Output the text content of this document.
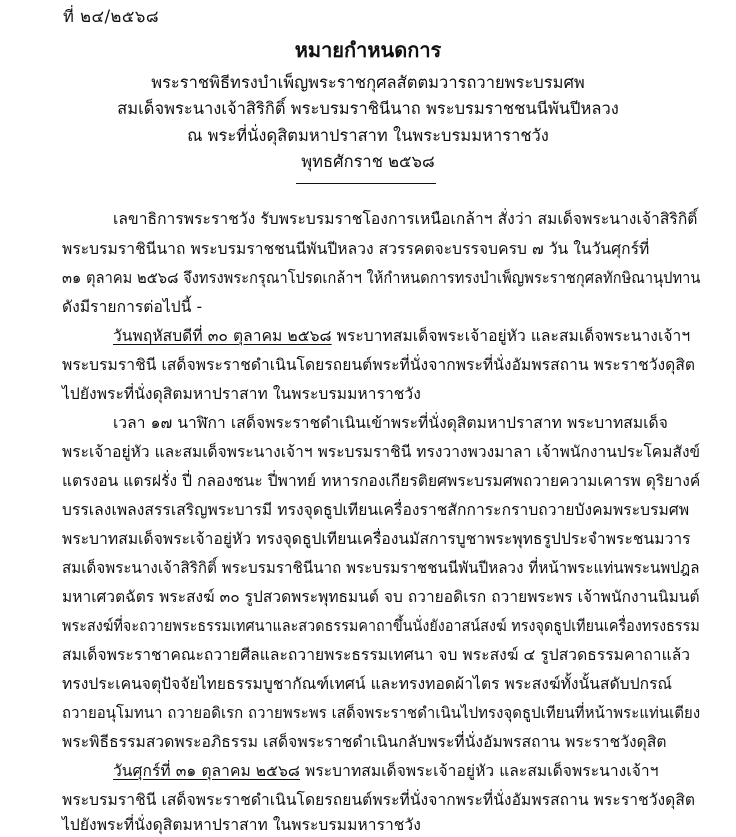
ที่ ๒๔/๒๕๖๘
หมายกำหนดการ
พระราชพิธีทรงบำเพ็ญพระราชกุศลสัตตมวารถวายพระบรมศพ
สมเด็จพระนางเจ้าสิริกิติ์ พระบรมราชินีนาถ พระบรมราชชนนีพันปีหลวง
ณ พระที่นั่งดุสิตมหาปราสาท ในพระบรมมหาราชวัง
พุทธศักราช ๒๕๖๘
เลขาธิการพระราชวัง รับพระบรมราชโองการเหนือเกล้าฯ สั่งว่า สมเด็จพระนางเจ้าสิริกิติ์
พระบรมราชินีนาถ พระบรมราชชนนีพันปีหลวง สวรรคตจะบรรจบครบ ๗ วัน ในวันศุกร์ที่
๓๑ ตุลาคม ๒๕๖๘ จึงทรงพระกรุณาโปรดเกล้าฯ ให้กำหนดการทรงบำเพ็ญพระราชกุศลทักษิณานุปทาน
ดังมีรายการต่อไปนี้ -
วันพฤหัสบดีที่ ๓๐ ตุลาคม ๒๕๖๘ พระบาทสมเด็จพระเจ้าอยู่หัว และสมเด็จพระนางเจ้าฯ
พระบรมราชินี เสด็จพระราชดำเนินโดยรถยนต์พระที่นั่งจากพระที่นั่งอัมพรสถาน พระราชวังดุสิต
ไปยังพระที่นั่งดุสิตมหาปราสาท ในพระบรมมหาราชวัง
เวลา ๑๗ นาฬิกา เสด็จพระราชดำเนินเข้าพระที่นั่งดุสิตมหาปราสาท พระบาทสมเด็จ
พระเจ้าอยู่หัว และสมเด็จพระนางเจ้าฯ พระบรมราชินี ทรงวางพวงมาลา เจ้าพนักงานประโคมสังข์
แตรงอน แตรฝรั่ง ปี่ กลองชนะ ปี่พาทย์ ทหารกองเกียรติยศพระบรมศพถวายความเคารพ ดุริยางค์
บรรเลงเพลงสรรเสริญพระบารมี ทรงจุดธูปเทียนเครื่องราชสักการะกราบถวายบังคมพระบรมศพ
พระบาทสมเด็จพระเจ้าอยู่หัว ทรงจุดธูปเทียนเครื่องนมัสการบูชาพระพุทธรูปประจำพระชนมวาร
สมเด็จพระนางเจ้าสิริกิติ์ พระบรมราชินีนาถ พระบรมราชชนนีพันปีหลวง ที่หน้าพระแท่นพระนพปฎล
มหาเศวตฉัตร พระสงฆ์ ๓๐ รูปสวดพระพุทธมนต์ จบ ถวายอดิเรก ถวายพระพร เจ้าพนักงานนิมนต์
พระสงฆ์ที่จะถวายพระธรรมเทศนาและสวดธรรมคาถาขึ้นนั่งยังอาสน์สงฆ์ ทรงจุดธูปเทียนเครื่องทรงธรรม
สมเด็จพระราชาคณะถวายศีลและถวายพระธรรมเทศนา จบ พระสงฆ์ ๔ รูปสวดธรรมคาถาแล้ว
ทรงประเคนจตุปัจจัยไทยธรรมบูชากัณฑ์เทศน์ และทรงทอดผ้าไตร พระสงฆ์ทั้งนั้นสดับปกรณ์
ถวายอนุโมทนา ถวายอดิเรก ถวายพระพร เสด็จพระราชดำเนินไปทรงจุดธูปเทียนที่หน้าพระแท่นเตียง
พระพิธีธรรมสวดพระอภิธรรม เสด็จพระราชดำเนินกลับพระที่นั่งอัมพรสถาน พระราชวังดุสิต
วันศุกร์ที่ ๓๑ ตุลาคม ๒๕๖๘ พระบาทสมเด็จพระเจ้าอยู่หัว และสมเด็จพระนางเจ้าฯ
พระบรมราชินี เสด็จพระราชดำเนินโดยรถยนต์พระที่นั่งจากพระที่นั่งอัมพรสถาน พระราชวังดุสิต
ไปยังพระที่นั่งดุสิตมหาปราสาท ในพระบรมมหาราชวัง
